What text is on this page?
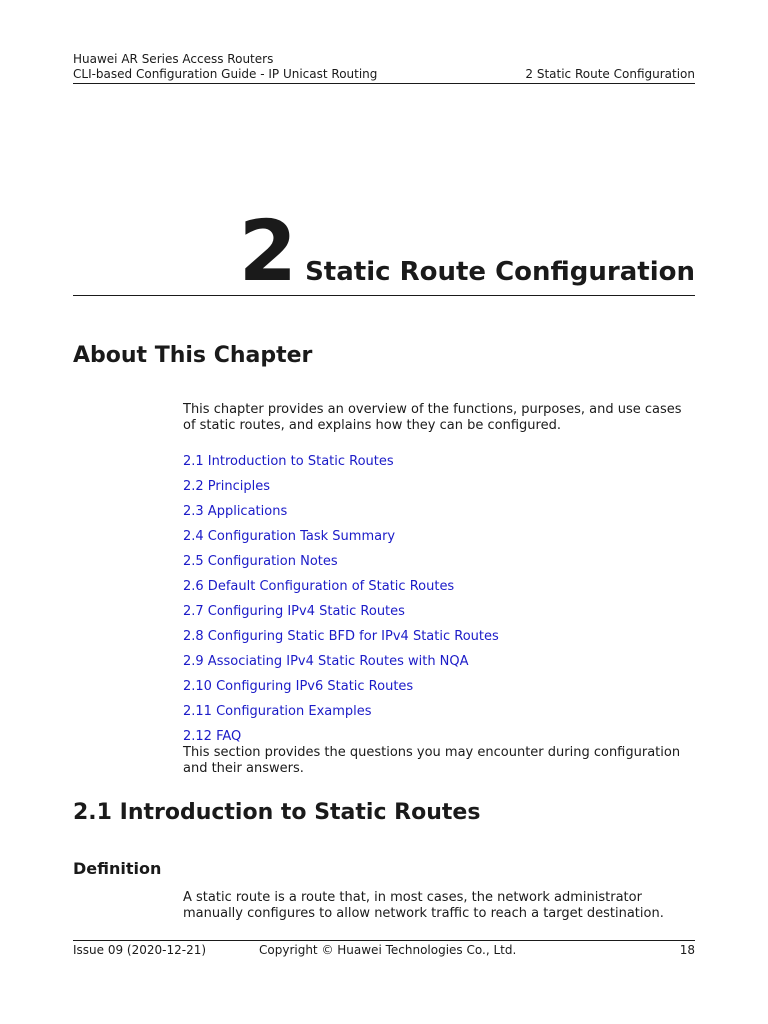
Huawei AR Series Access Routers
CLI-based Configuration Guide - IP Unicast Routing	2 Static Route Configuration
2 Static Route Configuration
About This Chapter
This chapter provides an overview of the functions, purposes, and use cases of static routes, and explains how they can be configured.
2.1 Introduction to Static Routes
2.2 Principles
2.3 Applications
2.4 Configuration Task Summary
2.5 Configuration Notes
2.6 Default Configuration of Static Routes
2.7 Configuring IPv4 Static Routes
2.8 Configuring Static BFD for IPv4 Static Routes
2.9 Associating IPv4 Static Routes with NQA
2.10 Configuring IPv6 Static Routes
2.11 Configuration Examples
2.12 FAQ
This section provides the questions you may encounter during configuration and their answers.
2.1 Introduction to Static Routes
Definition
A static route is a route that, in most cases, the network administrator manually configures to allow network traffic to reach a target destination.
Issue 09 (2020-12-21)	Copyright © Huawei Technologies Co., Ltd.	18
